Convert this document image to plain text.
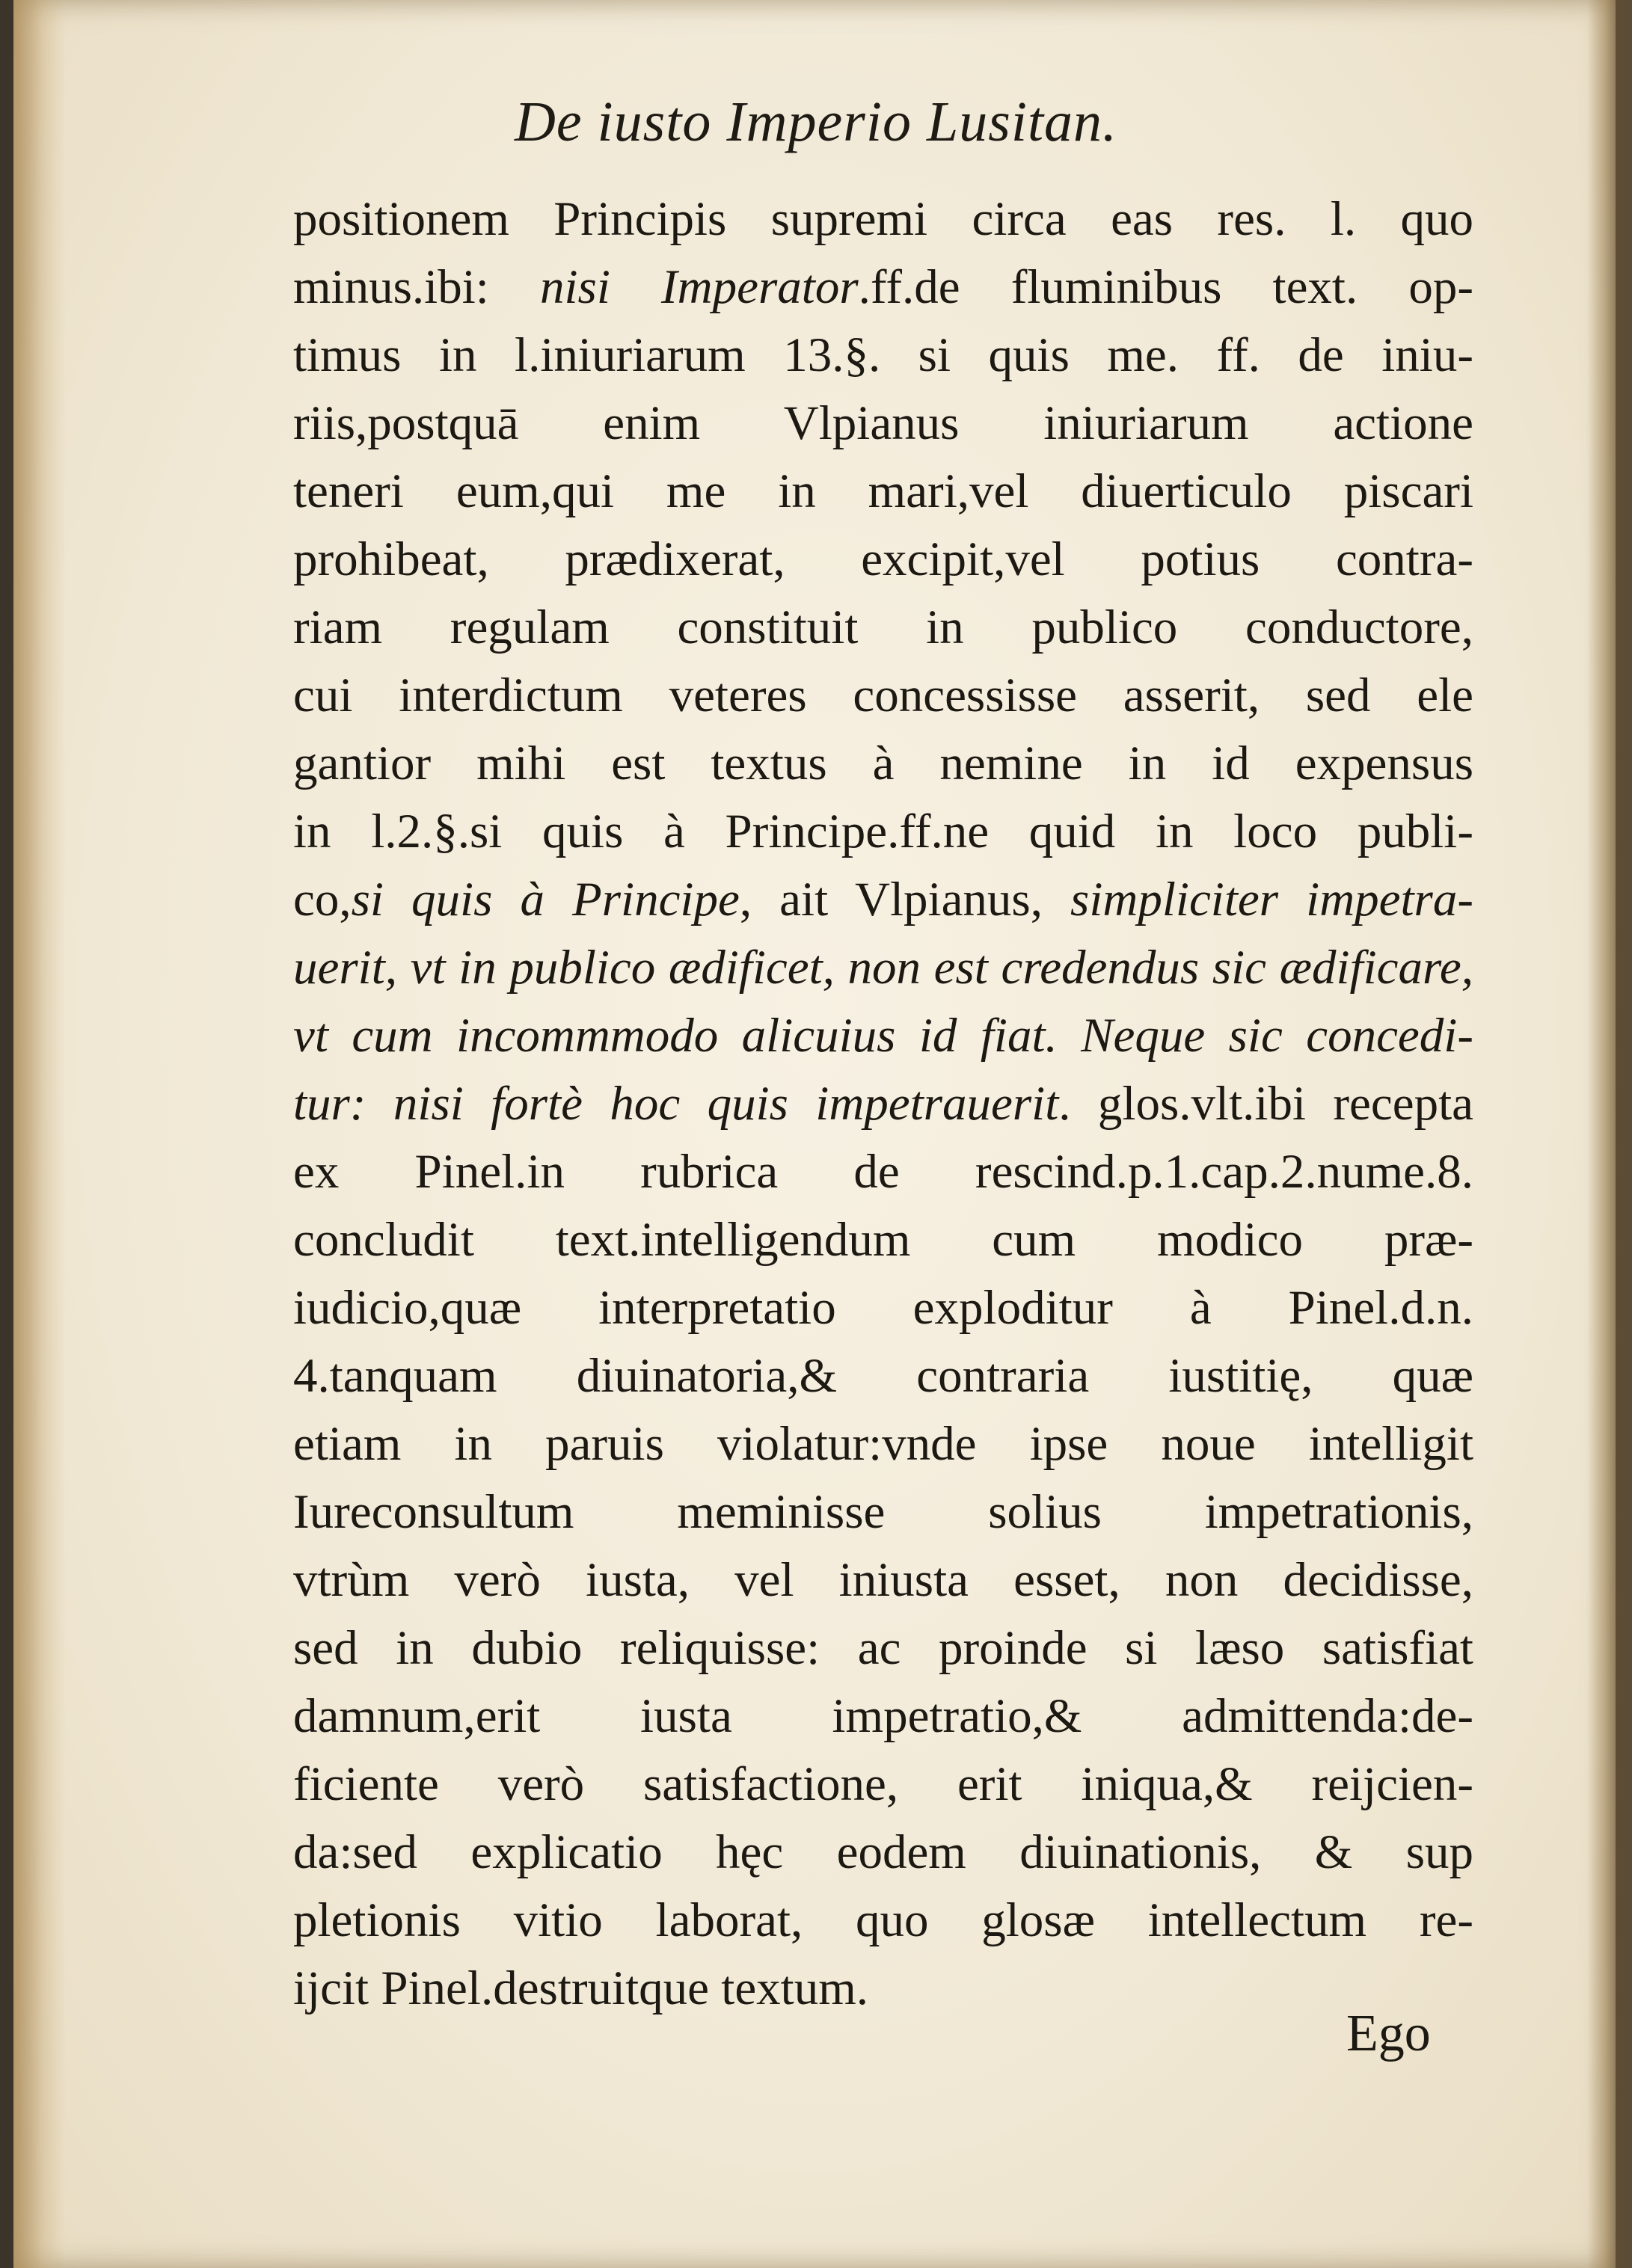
De iusto Imperio Lusitan.
positionem Principis supremi circa eas res. l. quo
minus.ibi: nisi Imperator.ff.de fluminibus text. op-
timus in l.iniuriarum 13.§. si quis me. ff. de iniu-
riis,postquā enim Vlpianus iniuriarum actione
teneri eum,qui me in mari,vel diuerticulo piscari
prohibeat, prædixerat, excipit,vel potius contra-
riam regulam constituit in publico conductore,
cui interdictum veteres concessisse asserit, sed ele
gantior mihi est textus à nemine in id expensus
in l.2.§.si quis à Principe.ff.ne quid in loco publi-
co,si quis à Principe, ait Vlpianus, simpliciter impetra-
uerit, vt in publico ædificet, non est credendus sic ædificare,
vt cum incommmodo alicuius id fiat. Neque sic concedi-
tur: nisi fortè hoc quis impetrauerit. glos.vlt.ibi recepta
ex Pinel.in rubrica de rescind.p.1.cap.2.nume.8.
concludit text.intelligendum cum modico præ-
iudicio,quæ interpretatio exploditur à Pinel.d.n.
4.tanquam diuinatoria,& contraria iustitię, quæ
etiam in paruis violatur:vnde ipse noue intelligit
Iureconsultum meminisse solius impetrationis,
vtrùm verò iusta, vel iniusta esset, non decidisse,
sed in dubio reliquisse: ac proinde si læso satisfiat
damnum,erit iusta impetratio,& admittenda:de-
ficiente verò satisfactione, erit iniqua,& reijcien-
da:sed explicatio hęc eodem diuinationis, & sup
pletionis vitio laborat, quo glosæ intellectum re-
ijcit Pinel.destruitque textum.
Ego
